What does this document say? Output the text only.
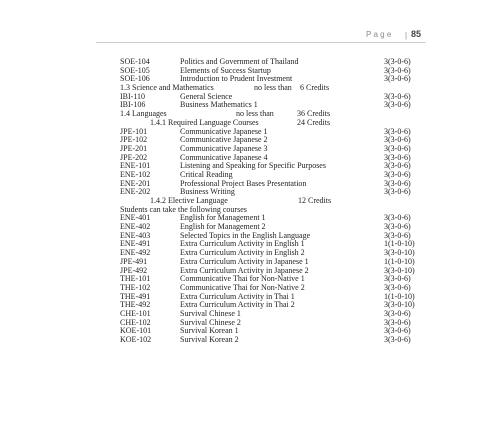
Page | 85
SOE-104	Politics and Government of Thailand	3(3-0-6)
SOE-105	Elements of Success Startup	3(3-0-6)
SOE-106	Introduction to Prudent Investment	3(3-0-6)
1.3 Science and Mathematics	no less than 6 Credits
IBI-110	General Science	3(3-0-6)
IBI-106	Business Mathematics 1	3(3-0-6)
1.4 Languages	no less than	36 Credits
1.4.1 Required Language Courses	24 Credits
JPE-101	Communicative Japanese 1	3(3-0-6)
JPE-102	Communicative Japanese 2	3(3-0-6)
JPE-201	Communicative Japanese 3	3(3-0-6)
JPE-202	Communicative Japanese 4	3(3-0-6)
ENE-101	Listening and Speaking for Specific Purposes	3(3-0-6)
ENE-102	Critical Reading	3(3-0-6)
ENE-201	Professional Project Bases Presentation	3(3-0-6)
ENE-202	Business Writing	3(3-0-6)
1.4.2 Elective Language	12 Credits
Students can take the following courses
ENE-401	English for Management 1	3(3-0-6)
ENE-402	English for Management 2	3(3-0-6)
ENE-403	Selected Topics in the English Language	3(3-0-6)
ENE-491	Extra Curriculum Activity in English 1	1(1-0-10)
ENE-492	Extra Curriculum Activity in English 2	3(3-0-10)
JPE-491	Extra Curriculum Activity in Japanese 1	1(1-0-10)
JPE-492	Extra Curriculum Activity in Japanese 2	3(3-0-10)
THE-101	Communicative Thai for Non-Native 1	3(3-0-6)
THE-102	Communicative Thai for Non-Native 2	3(3-0-6)
THE-491	Extra Curriculum Activity in Thai 1	1(1-0-10)
THE-492	Extra Curriculum Activity in Thai 2	3(3-0-10)
CHE-101	Survival Chinese 1	3(3-0-6)
CHE-102	Survival Chinese 2	3(3-0-6)
KOE-101	Survival Korean 1	3(3-0-6)
KOE-102	Survival Korean 2	3(3-0-6)
